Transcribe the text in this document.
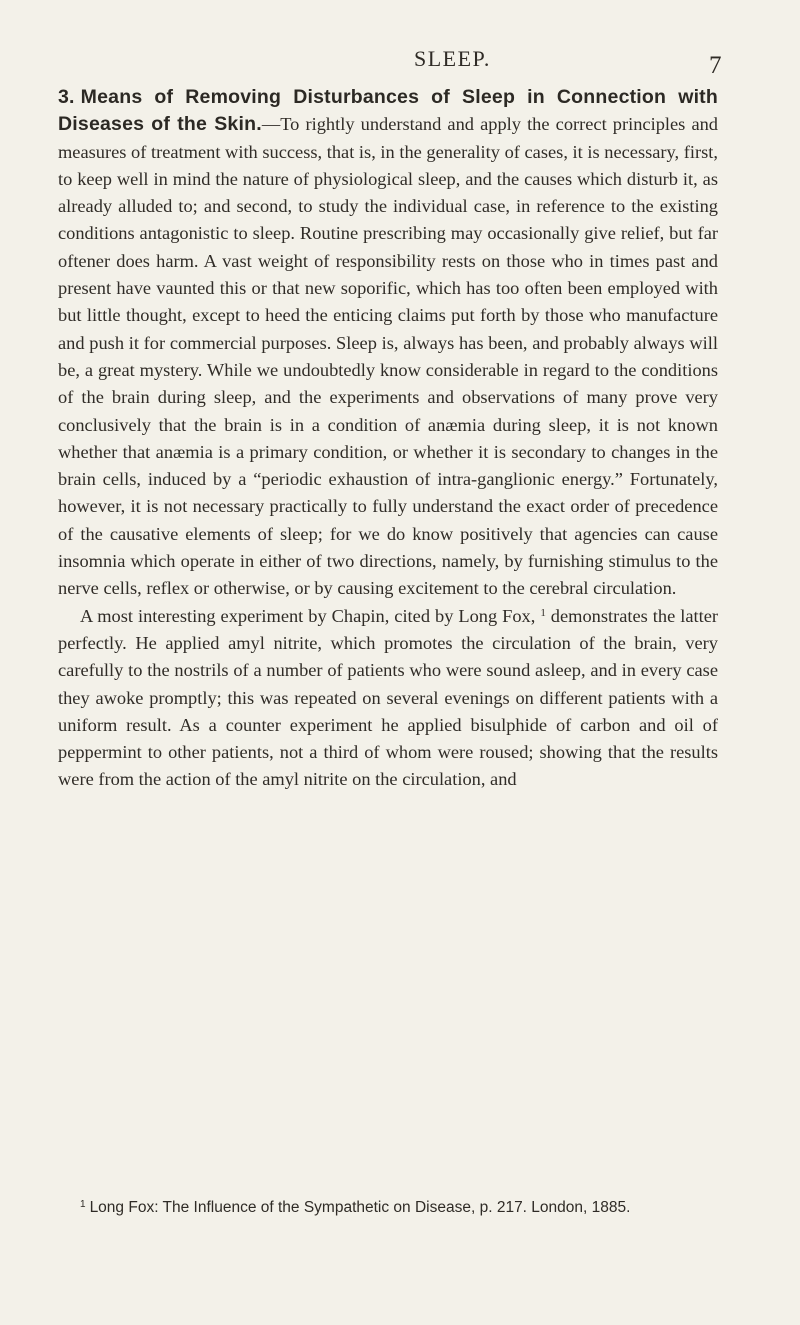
SLEEP.	7

3. Means of Removing Disturbances of Sleep in Connection with Diseases of the Skin.—To rightly understand and apply the correct principles and measures of treatment with success, that is, in the generality of cases, it is necessary, first, to keep well in mind the nature of physiological sleep, and the causes which disturb it, as already alluded to; and second, to study the individual case, in reference to the existing conditions antagonistic to sleep. Routine prescribing may occasionally give relief, but far oftener does harm. A vast weight of responsibility rests on those who in times past and present have vaunted this or that new soporific, which has too often been employed with but little thought, except to heed the enticing claims put forth by those who manufacture and push it for commercial purposes. Sleep is, always has been, and probably always will be, a great mystery. While we undoubtedly know considerable in regard to the conditions of the brain during sleep, and the experiments and observations of many prove very conclusively that the brain is in a condition of anæmia during sleep, it is not known whether that anæmia is a primary condition, or whether it is secondary to changes in the brain cells, induced by a “periodic exhaustion of intra-ganglionic energy.” Fortunately, however, it is not necessary practically to fully understand the exact order of precedence of the causative elements of sleep; for we do know positively that agencies can cause insomnia which operate in either of two directions, namely, by furnishing stimulus to the nerve cells, reflex or otherwise, or by causing excitement to the cerebral circulation.

A most interesting experiment by Chapin, cited by Long Fox, $^1$ demonstrates the latter perfectly. He applied amyl nitrite, which promotes the circulation of the brain, very carefully to the nostrils of a number of patients who were sound asleep, and in every case they awoke promptly; this was repeated on several evenings on different patients with a uniform result. As a counter experiment he applied bisulphide of carbon and oil of peppermint to other patients, not a third of whom were roused; showing that the results were from the action of the amyl nitrite on the circulation, and

$^1$ Long Fox: The Influence of the Sympathetic on Disease, p. 217. London, 1885.
